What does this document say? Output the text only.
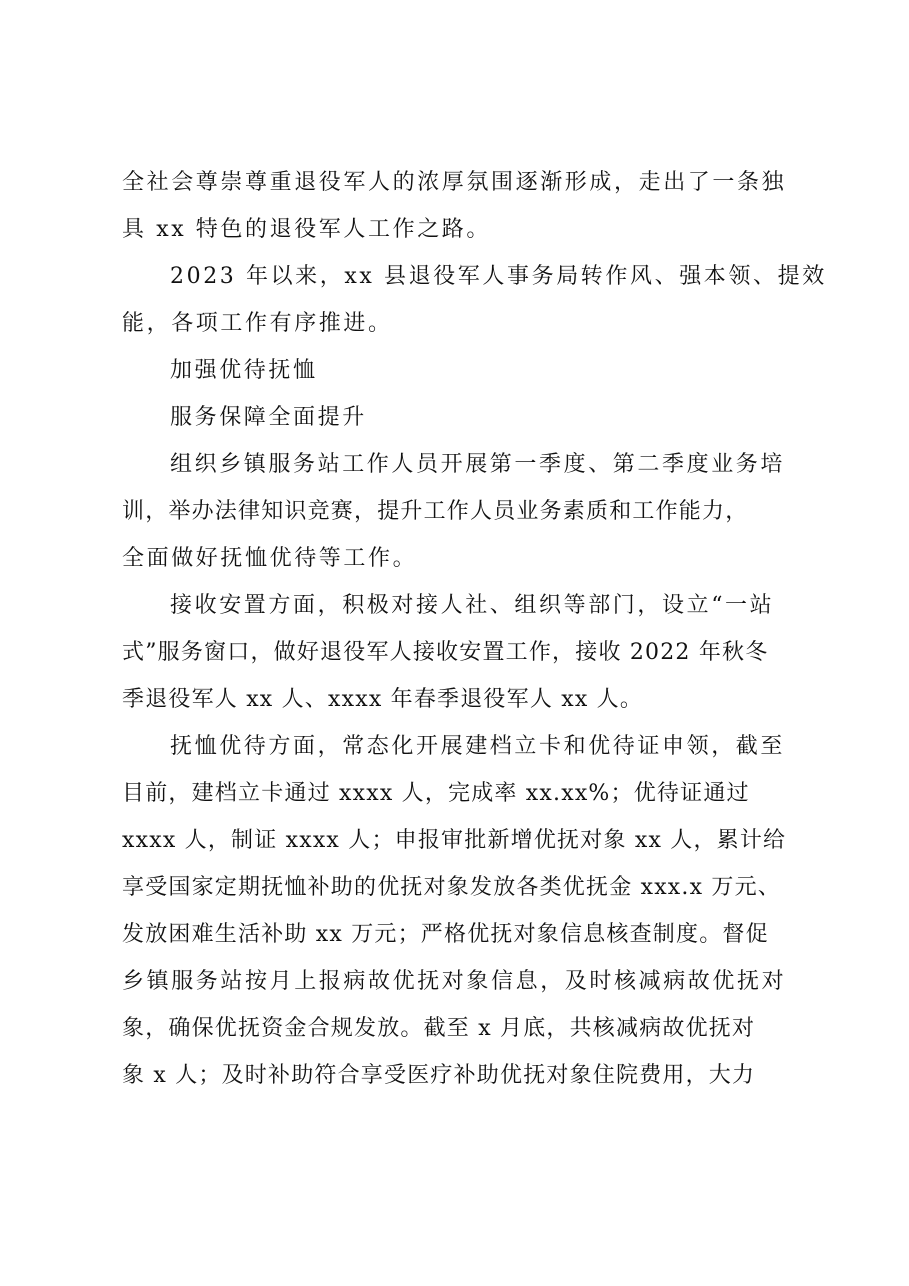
全社会尊崇尊重退役军人的浓厚氛围逐渐形成，走出了一条独
具 xx 特色的退役军人工作之路。
2023 年以来，xx 县退役军人事务局转作风、强本领、提效
能，各项工作有序推进。
加强优待抚恤
服务保障全面提升
组织乡镇服务站工作人员开展第一季度、第二季度业务培
训，举办法律知识竞赛，提升工作人员业务素质和工作能力，
全面做好抚恤优待等工作。
接收安置方面，积极对接人社、组织等部门，设立“一站
式”服务窗口，做好退役军人接收安置工作，接收 2022 年秋冬
季退役军人 xx 人、xxxx 年春季退役军人 xx 人。
抚恤优待方面，常态化开展建档立卡和优待证申领，截至
目前，建档立卡通过 xxxx 人，完成率 xx.xx%；优待证通过
xxxx 人，制证 xxxx 人；申报审批新增优抚对象 xx 人，累计给
享受国家定期抚恤补助的优抚对象发放各类优抚金 xxx.x 万元、
发放困难生活补助 xx 万元；严格优抚对象信息核查制度。督促
乡镇服务站按月上报病故优抚对象信息，及时核减病故优抚对
象，确保优抚资金合规发放。截至 x 月底，共核减病故优抚对
象 x 人；及时补助符合享受医疗补助优抚对象住院费用，大力
